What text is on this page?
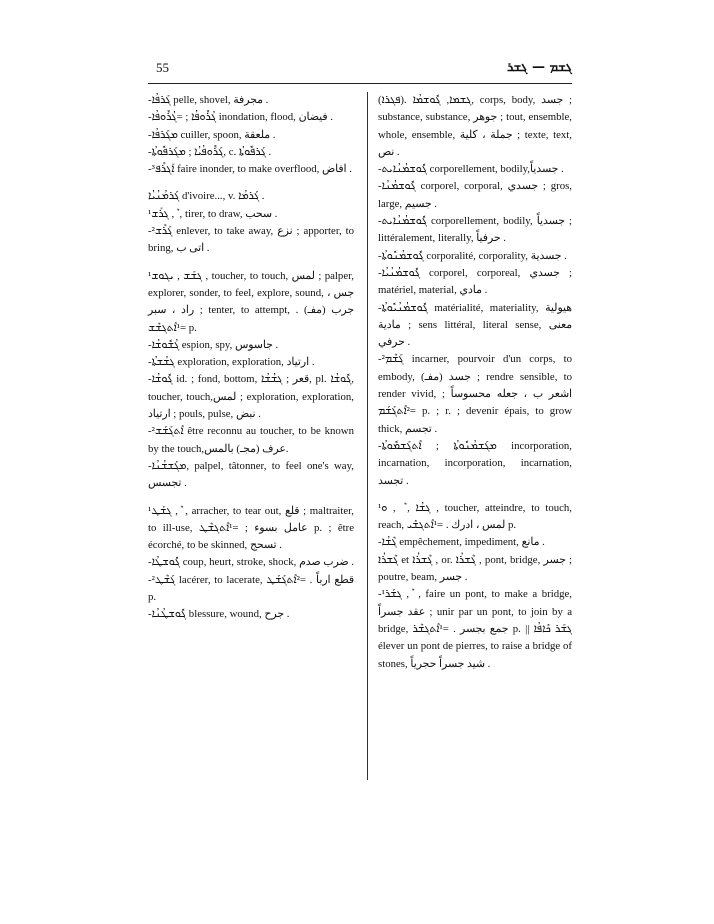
55	ܓܫܡ — ܓܫܪ

-ܓܰܪܦܳܐ pelle, shovel, مجرفة .

-ܓܳܪܽܘܦܳܐ ; =ܓܳܪܽܘܦܳܐ inondation, flood, فيضان .

-ܡܓܰܪܦܳܐ cuiller, spoon, ملعقة .

-ܓܰܪܽܘܦܳܝܳܐ ; ܡܓܰܪܦܽܘܬܳܐ, c. ܓܰܪܦܽܘܬܳܐ .

-³ܐܰܓܪܶܦ faire inonder, to make overflood, افاض .

ܓܰܪܡܳܢܳܝܳܐ d'ivoire..., v. ܓܰܪܡܳܐ .

¹ܓܪܰܫ , ܶ , tirer, to draw, سحب .

-²ܓܰܪܶܫ enlever, to take away, نزع ; apporter, to bring, اتى ب .

¹ܓܫܰܫ , ܝܓܘܫ , toucher, to touch, لمس ; palper, explorer, sonder, to feel, explore, sound, جس ، راد ، سبر ; tenter, to attempt, جرب (مفـ) . =¹ܐܶܬܓܫܶܫ p.

-ܓܳܫܽܘܫܳܐ espion, spy, جاسوس .

-ܓܫܳܫܬܳܐ exploration, exploration, ارتياد .

-ܓܽܘܫܳܐ id. ; fond, bottom, قعر ; ܓܫܳܫܳܐ, pl. ܓܽܘܫܳܐ, toucher, touch,لمس ; exploration, exploration, ارتياد ; pouls, pulse, نبض .

-²ܐܶܬܓܰܫܰܫ être reconnu au toucher, to be known by the touch,عرف (مجـ) بالمس.

-ܡܓܰܫܫܳܢܳܐ, palpel, tâtonner, to feel one's way, تجسس .

¹ܓܫܰܛ , ܶ , arracher, to tear out, قلع ; maltraiter, to ill-use, عامل بسوء ; =¹ܐܶܬܓܫܶܛ p. ; être écorché, to be skinned, تسحج .

-ܓܽܘܫܛܳܐ coup, heurt, stroke, shock, ضرب صدم .

-²ܓܰܫܶܛ lacérer, to lacerate, قطع ارباً . =²ܐܶܬܓܰܫܰܛ p.

-ܓܽܘܫܛܳܢܳܐ blessure, wound, جرح .

(ܦܓܪܐ). ܓܫܡܐ, ܓܽܘܫܡܳܐ, corps, body, جسد ; substance, substance, جوهر ; tout, ensemble, whole, ensemble, جملة ، كلية ; texte, text, نص .

-ܓܽܘܫܡܳܢܳܐܝܬ corporellement, bodily,جسدياً .

-ܓܽܘܫܡܳܢܳܐ corporel, corporal, جسدي ; gros, large, جسيم .

-ܓܽܘܫܡܳܢܳܐܝܬ corporellement, bodily, جسدياً ; littéralement, literally, حرفياً .

-ܓܽܘܫܡܳܢܽܘܬܳܐ corporalité, corporality, جسدية .

-ܓܽܘܫܡܳܢܳܝܳܐ corporel, corporeal, جسدي ; matériel, material, مادي .

-ܓܽܘܫܡܳܢܳܝܽܘܬܳܐ matérialité, materiality, هيولية مادية ; sens littéral, literal sense, معنى حرفي .

-²ܓܰܫܶܡ incarner, pourvoir d'un corps, to embody, جسد (مفـ) ; rendre sensible, to render vivid, اشعر ب ، جعله محسوساً ; =²ܐܶܬܓܰܫܰܡ p. ; r. ; devenir épais, to grow thick, تجسم .

-ܡܓܰܫܡܳܢܽܘܬܳܐ ; ܐܶܬܓܰܫܡܽܘܬܳܐ incorporation, incarnation, incorporation, incarnation, تجسد .

¹ܓܫܳܐ , ܶ , ܘ , toucher, atteindre, to touch, reach, لمس ، ادرك . =¹ܐܶܬܓܫܺܝ p.

-ܓܶܫܳܐ empêchement, impediment, مانع .

ܓܶܫܪܳܐ et ܓܶܫܪܳܐ , or. ܓܶܫܪܳܐ , pont, bridge, جسر ; poutre, beam, جسر .

-¹ܓܫܰܪ , ܶ , faire un pont, to make a bridge, عقد جسراً ; unir par un pont, to join by a bridge, جمع بجسر . =¹ܐܶܬܓܫܶܪ p. || ܓܫܰܪ ܟܺܐܦܳܐ élever un pont de pierres, to raise a bridge of stones, شيد جسراً حجرياً .
